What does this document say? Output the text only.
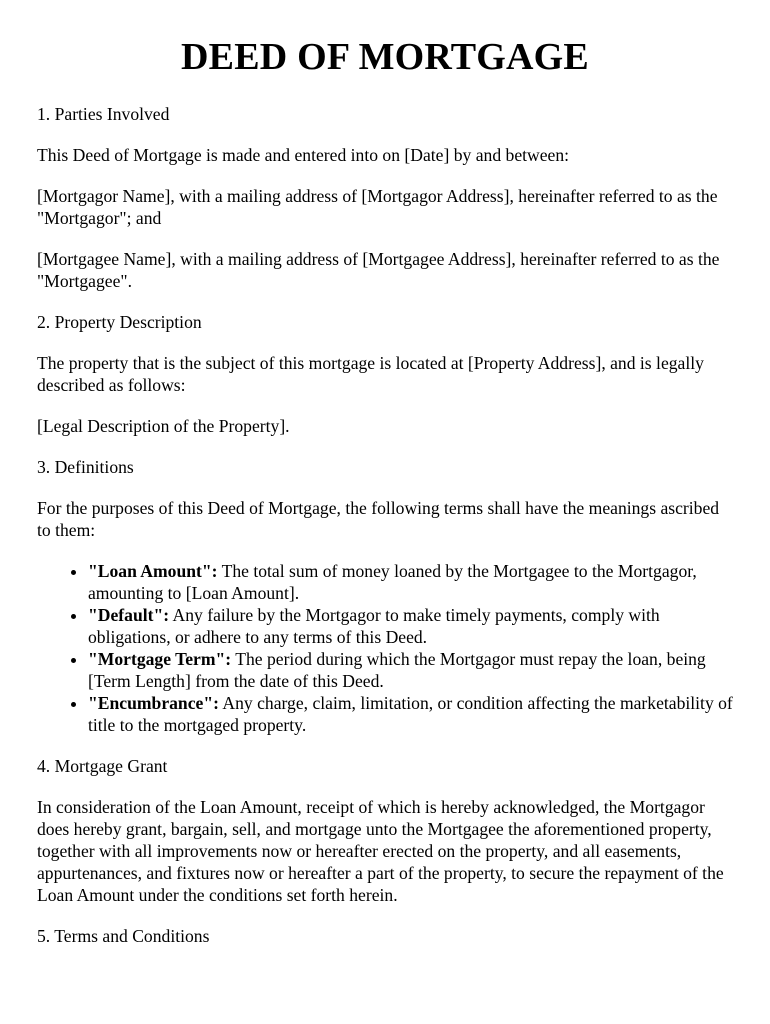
DEED OF MORTGAGE
1. Parties Involved

This Deed of Mortgage is made and entered into on [Date] by and between:

[Mortgagor Name], with a mailing address of [Mortgagor Address], hereinafter referred to as the "Mortgagor"; and

[Mortgagee Name], with a mailing address of [Mortgagee Address], hereinafter referred to as the "Mortgagee".

2. Property Description

The property that is the subject of this mortgage is located at [Property Address], and is legally described as follows:

[Legal Description of the Property].

3. Definitions

For the purposes of this Deed of Mortgage, the following terms shall have the meanings ascribed to them:

• "Loan Amount": The total sum of money loaned by the Mortgagee to the Mortgagor, amounting to [Loan Amount].
• "Default": Any failure by the Mortgagor to make timely payments, comply with obligations, or adhere to any terms of this Deed.
• "Mortgage Term": The period during which the Mortgagor must repay the loan, being [Term Length] from the date of this Deed.
• "Encumbrance": Any charge, claim, limitation, or condition affecting the marketability of title to the mortgaged property.
4. Mortgage Grant

In consideration of the Loan Amount, receipt of which is hereby acknowledged, the Mortgagor does hereby grant, bargain, sell, and mortgage unto the Mortgagee the aforementioned property, together with all improvements now or hereafter erected on the property, and all easements, appurtenances, and fixtures now or hereafter a part of the property, to secure the repayment of the Loan Amount under the conditions set forth herein.

5. Terms and Conditions
